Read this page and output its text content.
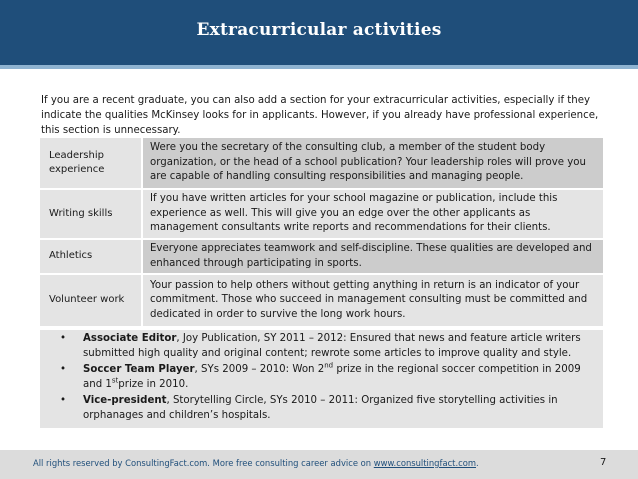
Extracurricular activities

If you are a recent graduate, you can also add a section for your extracurricular activities, especially if they indicate the qualities McKinsey looks for in applicants. However, if you already have professional experience, this section is unnecessary.

Leadership experience	Were you the secretary of the consulting club, a member of the student body organization, or the head of a school publication? Your leadership roles will prove you are capable of handling consulting responsibilities and managing people.
Writing skills	If you have written articles for your school magazine or publication, include this experience as well. This will give you an edge over the other applicants as management consultants write reports and recommendations for their clients.
Athletics	Everyone appreciates teamwork and self-discipline. These qualities are developed and enhanced through participating in sports.
Volunteer work	Your passion to help others without getting anything in return is an indicator of your commitment. Those who succeed in management consulting must be committed and dedicated in order to survive the long work hours.
• Associate Editor, Joy Publication, SY 2011 – 2012: Ensured that news and feature article writers submitted high quality and original content; rewrote some articles to improve quality and style.
• Soccer Team Player, SYs 2009 – 2010: Won 2nd prize in the regional soccer competition in 2009 and 1stprize in 2010.
• Vice-president, Storytelling Circle, SYs 2010 – 2011: Organized five storytelling activities in orphanages and children’s hospitals.
All rights reserved by ConsultingFact.com. More free consulting career advice on www.consultingfact.com.	7
